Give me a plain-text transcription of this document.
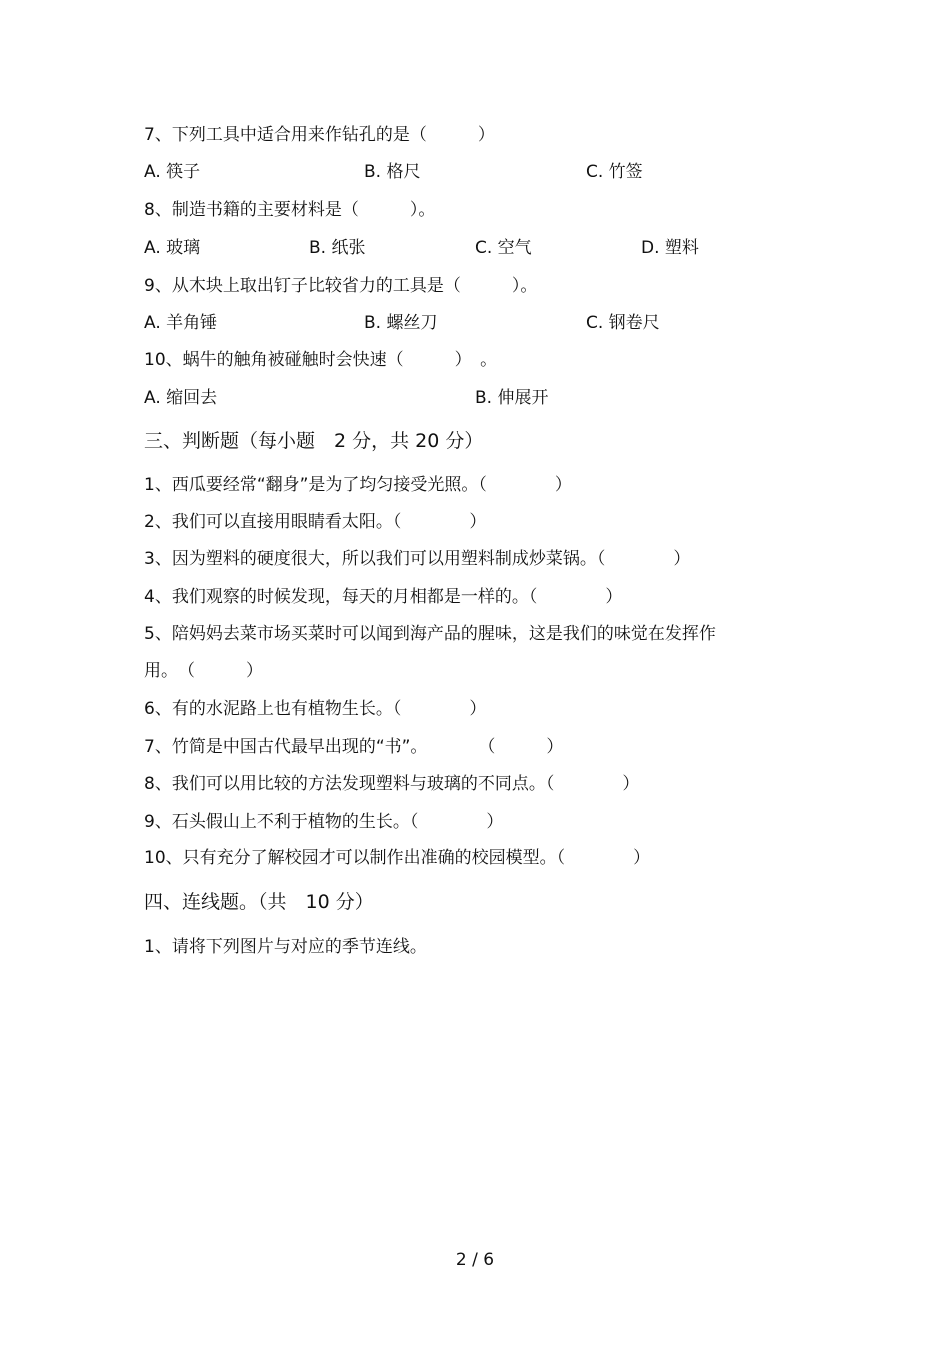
7、下列工具中适合用来作钻孔的是（　　　）
A. 筷子	B. 格尺	C. 竹签
8、制造书籍的主要材料是（　　　）。
A. 玻璃	B. 纸张	C. 空气	D. 塑料
9、从木块上取出钉子比较省力的工具是（　　　）。
A. 羊角锤	B. 螺丝刀	C. 钢卷尺
10、蜗牛的触角被碰触时会快速（　　　）　。
A. 缩回去	B. 伸展开
三、判断题（每小题　2 分，共 20 分）
1、西瓜要经常“翻身”是为了均匀接受光照。（　　　　）
2、我们可以直接用眼睛看太阳。（　　　　）
3、因为塑料的硬度很大，所以我们可以用塑料制成炒菜锅。（　　　　）
4、我们观察的时候发现，每天的月相都是一样的。（　　　　）
5、陪妈妈去菜市场买菜时可以闻到海产品的腥味，这是我们的味觉在发挥作
用。　（　　　）
6、有的水泥路上也有植物生长。（　　　　）
7、竹简是中国古代最早出现的“书”。　　　　（　　　）
8、我们可以用比较的方法发现塑料与玻璃的不同点。（　　　　）
9、石头假山上不利于植物的生长。（　　　　）
10、只有充分了解校园才可以制作出准确的校园模型。（　　　　）
四、连线题。（共　10 分）
1、请将下列图片与对应的季节连线。
2 / 6
